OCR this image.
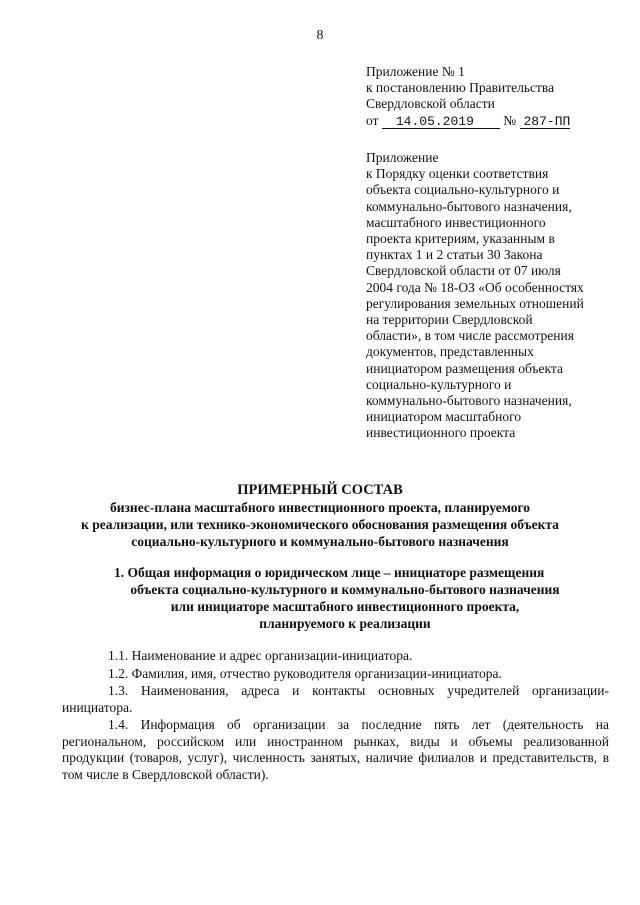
8
Приложение № 1
к постановлению Правительства
Свердловской области
от 14.05.2019 № 287-ПП
Приложение
к Порядку оценки соответствия
объекта социально-культурного и
коммунально-бытового назначения,
масштабного инвестиционного
проекта критериям, указанным в
пунктах 1 и 2 статьи 30 Закона
Свердловской области от 07 июля
2004 года № 18-ОЗ «Об особенностях
регулирования земельных отношений
на территории Свердловской
области», в том числе рассмотрения
документов, представленных
инициатором размещения объекта
социально-культурного и
коммунально-бытового назначения,
инициатором масштабного
инвестиционного проекта
ПРИМЕРНЫЙ СОСТАВ
бизнес-плана масштабного инвестиционного проекта, планируемого
к реализации, или технико-экономического обоснования размещения объекта
социально-культурного и коммунально-бытового назначения
1. Общая информация о юридическом лице – инициаторе размещения
объекта социально-культурного и коммунально-бытового назначения
или инициаторе масштабного инвестиционного проекта,
планируемого к реализации

1.1. Наименование и адрес организации-инициатора.

1.2. Фамилия, имя, отчество руководителя организации-инициатора.

1.3. Наименования, адреса и контакты основных учредителей организации-инициатора.

1.4. Информация об организации за последние пять лет (деятельность на региональном, российском или иностранном рынках, виды и объемы реализованной продукции (товаров, услуг), численность занятых, наличие филиалов и представительств, в том числе в Свердловской области).
